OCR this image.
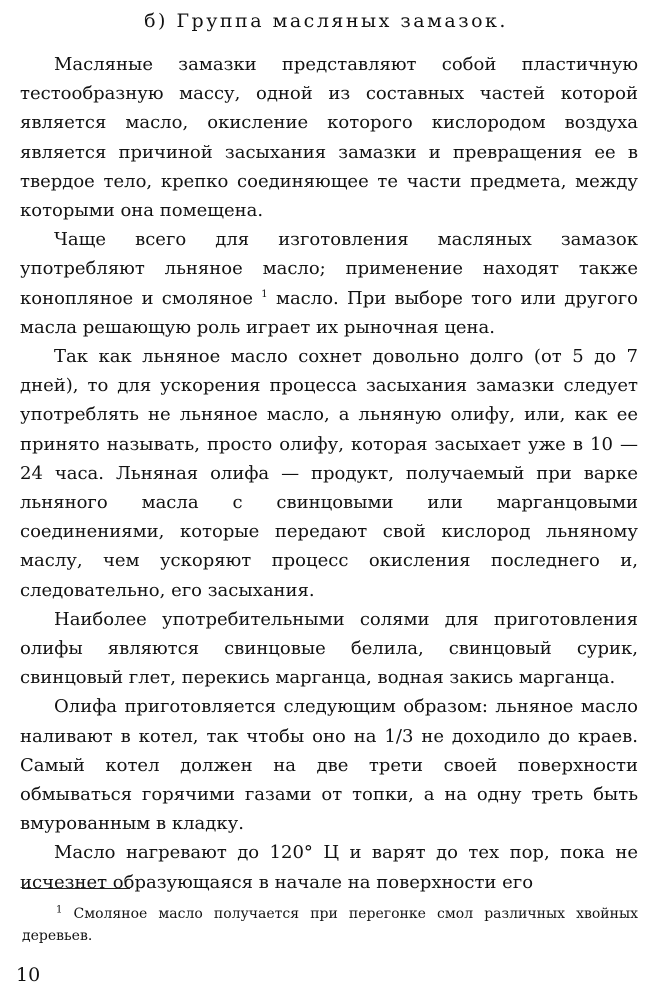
б) Группа масляных замазок.

Масляные замазки представляют собой пластичную тестообразную массу, одной из составных частей которой является масло, окисление которого кислородом воздуха является причиной засыхания замазки и превращения ее в твердое тело, крепко соединяющее те части предмета, между которыми она помещена.

Чаще всего для изготовления масляных замазок употребляют льняное масло; применение находят также конопляное и смоляное $^1$ масло. При выборе того или другого масла решающую роль играет их рыночная цена.

Так как льняное масло сохнет довольно долго (от 5 до 7 дней), то для ускорения процесса засыхания замазки следует употреблять не льняное масло, а льняную олифу, или, как ее принято называть, просто олифу, которая засыхает уже в 10 — 24 часа. Льняная олифа — продукт, получаемый при варке льняного масла с свинцовыми или марганцовыми соединениями, которые передают свой кислород льняному маслу, чем ускоряют процесс окисления последнего и, следовательно, его засыхания.

Наиболее употребительными солями для приготовления олифы являются свинцовые белила, свинцовый сурик, свинцовый глет, перекись марганца, водная закись марганца.

Олифа приготовляется следующим образом: льняное масло наливают в котел, так чтобы оно на 1/3 не доходило до краев. Самый котел должен на две трети своей поверхности обмываться горячими газами от топки, а на одну треть быть вмурованным в кладку.

Масло нагревают до 120° Ц и варят до тех пор, пока не исчезнет образующаяся в начале на поверхности его

$^1$ Смоляное масло получается при перегонке смол различных хвойных деревьев.
10
